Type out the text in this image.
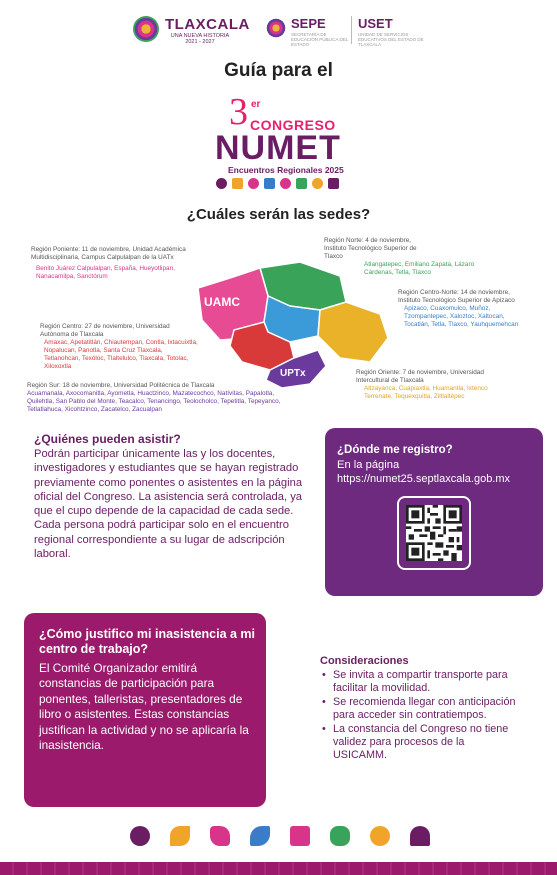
TLAXCALA
UNA NUEVA HISTORIA
2021 - 2027
SEPE
SECRETARÍA DE EDUCACIÓN PÚBLICA DEL ESTADO
USET
UNIDAD DE SERVICIOS EDUCATIVOS DEL ESTADO DE TLAXCALA
Guía para el
3 er
CONGRESO
NUMET
Encuentros Regionales 2025
¿Cuáles serán las sedes?
UAMC
UPTx
Región Poniente: 11 de noviembre, Unidad Académica Multidisciplinaria, Campus Calpulalpan de la UATx
Benito Juárez Calpulalpan, España, Hueyotlipan, Nanacamilpa, Sanctórum
Región Norte: 4 de noviembre, Instituto Tecnológico Superior de Tlaxco
Atlangatepec, Emiliano Zapata, Lázaro Cárdenas, Tetla, Tlaxco
Región Centro-Norte: 14 de noviembre, Instituto Tecnológico Superior de Apizaco
Apizaco, Cuaxomulco, Muñoz, Tzompantepec, Xaloztoc, Xaltocan, Tocatlán, Tetla, Tlaxco, Yauhquemehcan
Región Centro: 27 de noviembre, Universidad Autónoma de Tlaxcala
Amaxac, Apetatitlán, Chiautempan, Contla, Ixtacuixtla, Nopalucan, Panotla, Santa Cruz Tlaxcala, Tetlanohcan, Texóloc, Tlaltelulco, Tlaxcala, Totolac, Xiloxoxtla
Región Oriente: 7 de noviembre, Universidad Intercultural de Tlaxcala
Altzayanca, Cuapiaxtla, Huamantla, Ixtenco Terrenate, Tequexquitla, Ziltlaltépec
Región Sur: 18 de noviembre, Universidad Politécnica de Tlaxcala
Acuamanala, Axocomanitla, Ayometla, Huactzinco, Mazatecochco, Natívitas, Papalotla, Quilehtla, San Pablo del Monte, Teacalco, Tenancingo, Teolocholco, Tepetitla, Tepeyanco, Tetlatlahuca, Xicohtzinco, Zacatelco, Zacualpan
¿Quiénes pueden asistir?
Podrán participar únicamente las y los docentes, investigadores y estudiantes que se hayan registrado previamente como ponentes o asistentes en la página oficial del Congreso. La asistencia será controlada, ya que el cupo depende de la capacidad de cada sede. Cada persona podrá participar solo en el encuentro regional correspondiente a su lugar de adscripción laboral.
¿Dónde me registro?
En la página
https://numet25.septlaxcala.gob.mx
¿Cómo justifico mi inasistencia a mi centro de trabajo?
El Comité Organizador emitirá constancias de participación para ponentes, talleristas, presentadores de libro o asistentes. Estas constancias justifican la actividad y no se aplicaría la inasistencia.
Consideraciones
• Se invita a compartir transporte para facilitar la movilidad.
• Se recomienda llegar con anticipación para acceder sin contratiempos.
• La constancia del Congreso no tiene validez para procesos de la USICAMM.
